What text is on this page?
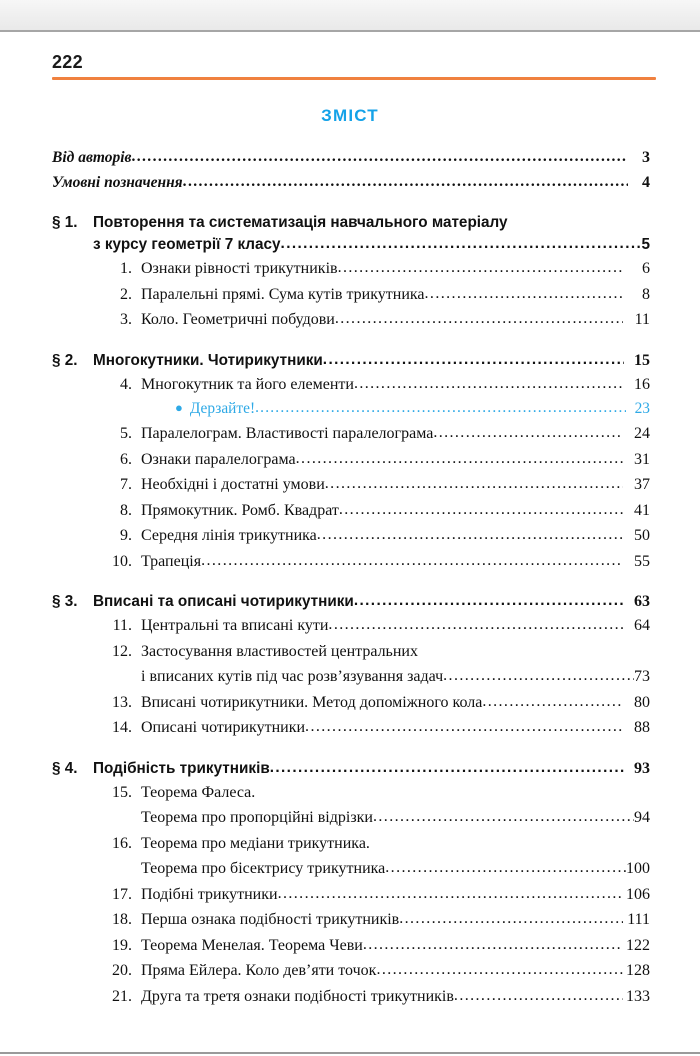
222
ЗМІСТ
Від авторів .....	3
Умовні позначення .....	4
§ 1.	Повторення та систематизація навчального матеріалу
з курсу геометрії 7 класу .....	5
1. Ознаки рівності трикутників .....	6
2. Паралельні прямі. Сума кутів трикутника .....	8
3. Коло. Геометричні побудови .....	11
§ 2.	Многокутники. Чотирикутники .....	15
4. Многокутник та його елементи .....	16
● Дерзайте! .....	23
5. Паралелограм. Властивості паралелограма .....	24
6. Ознаки паралелограма .....	31
7. Необхідні і достатні умови .....	37
8. Прямокутник. Ромб. Квадрат .....	41
9. Середня лінія трикутника .....	50
10. Трапеція .....	55
§ 3.	Вписані та описані чотирикутники .....	63
11. Центральні та вписані кути .....	64
12. Застосування властивостей центральних
і вписаних кутів під час розв’язування задач .....	73
13. Вписані чотирикутники. Метод допоміжного кола .....	80
14. Описані чотирикутники .....	88
§ 4.	Подібність трикутників .....	93
15. Теорема Фалеса.
Теорема про пропорційні відрізки .....	94
16. Теорема про медіани трикутника.
Теорема про бісектрису трикутника .....	100
17. Подібні трикутники .....	106
18. Перша ознака подібності трикутників .....	111
19. Теорема Менелая. Теорема Чеви .....	122
20. Пряма Ейлера. Коло дев’яти точок .....	128
21. Друга та третя ознаки подібності трикутників .....	133
